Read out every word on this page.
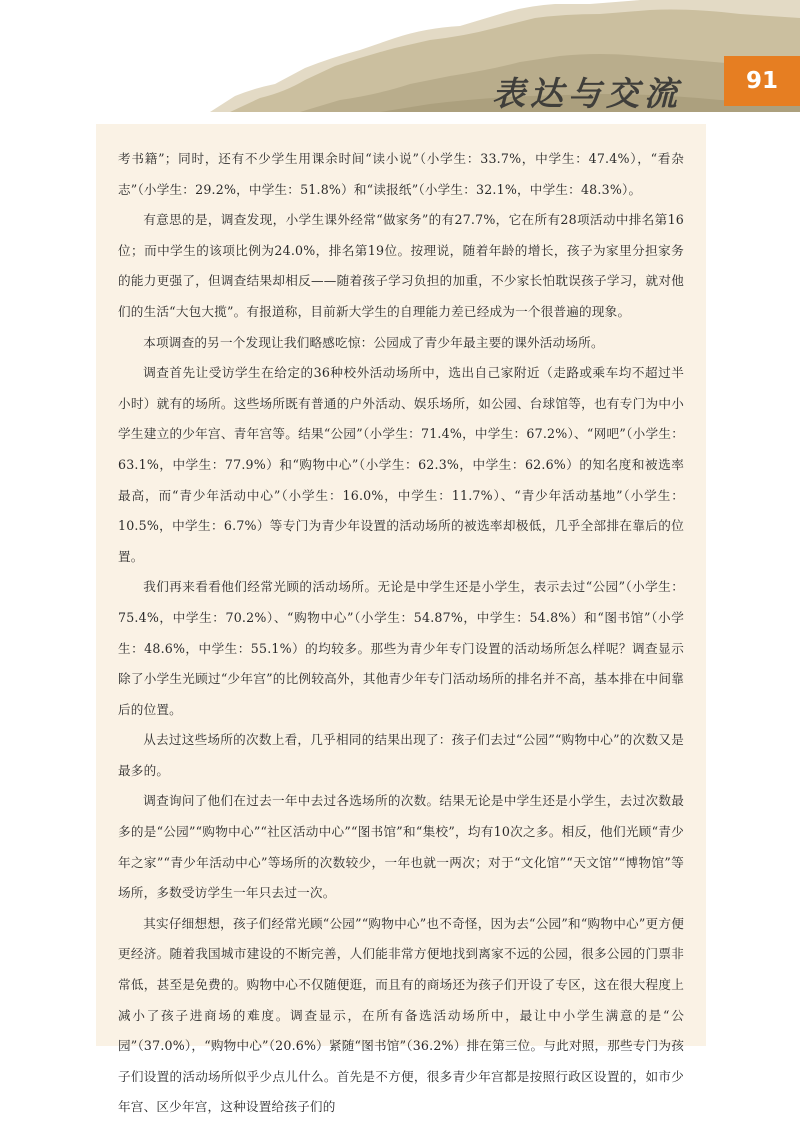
表达与交流	91

考书籍”；同时，还有不少学生用课余时间“读小说”（小学生：33.7%，中学生：47.4%），“看杂志”（小学生：29.2%，中学生：51.8%）和“读报纸”（小学生：32.1%，中学生：48.3%）。

有意思的是，调查发现，小学生课外经常“做家务”的有27.7%，它在所有28项活动中排名第16位；而中学生的该项比例为24.0%，排名第19位。按理说，随着年龄的增长，孩子为家里分担家务的能力更强了，但调查结果却相反——随着孩子学习负担的加重，不少家长怕耽误孩子学习，就对他们的生活“大包大揽”。有报道称，目前新大学生的自理能力差已经成为一个很普遍的现象。

本项调查的另一个发现让我们略感吃惊：公园成了青少年最主要的课外活动场所。

调查首先让受访学生在给定的36种校外活动场所中，选出自己家附近（走路或乘车均不超过半小时）就有的场所。这些场所既有普通的户外活动、娱乐场所，如公园、台球馆等，也有专门为中小学生建立的少年宫、青年宫等。结果“公园”（小学生：71.4%，中学生：67.2%）、“网吧”（小学生：63.1%，中学生：77.9%）和“购物中心”（小学生：62.3%，中学生：62.6%）的知名度和被选率最高，而“青少年活动中心”（小学生：16.0%，中学生：11.7%）、“青少年活动基地”（小学生：10.5%，中学生：6.7%）等专门为青少年设置的活动场所的被选率却极低，几乎全部排在靠后的位置。

我们再来看看他们经常光顾的活动场所。无论是中学生还是小学生，表示去过“公园”（小学生：75.4%，中学生：70.2%）、“购物中心”（小学生：54.87%，中学生：54.8%）和“图书馆”（小学生：48.6%，中学生：55.1%）的均较多。那些为青少年专门设置的活动场所怎么样呢？调查显示除了小学生光顾过“少年宫”的比例较高外，其他青少年专门活动场所的排名并不高，基本排在中间靠后的位置。

从去过这些场所的次数上看，几乎相同的结果出现了：孩子们去过“公园”“购物中心”的次数又是最多的。

调查询问了他们在过去一年中去过各选场所的次数。结果无论是中学生还是小学生，去过次数最多的是“公园”“购物中心”“社区活动中心”“图书馆”和“集校”，均有10次之多。相反，他们光顾“青少年之家”“青少年活动中心”等场所的次数较少，一年也就一两次；对于“文化馆”“天文馆”“博物馆”等场所，多数受访学生一年只去过一次。

其实仔细想想，孩子们经常光顾“公园”“购物中心”也不奇怪，因为去“公园”和“购物中心”更方便更经济。随着我国城市建设的不断完善，人们能非常方便地找到离家不远的公园，很多公园的门票非常低，甚至是免费的。购物中心不仅随便逛，而且有的商场还为孩子们开设了专区，这在很大程度上减小了孩子进商场的难度。调查显示，在所有备选活动场所中，最让中小学生满意的是“公园”（37.0%），“购物中心”（20.6%）紧随“图书馆”（36.2%）排在第三位。与此对照，那些专门为孩子们设置的活动场所似乎少点儿什么。首先是不方便，很多青少年宫都是按照行政区设置的，如市少年宫、区少年宫，这种设置给孩子们的
